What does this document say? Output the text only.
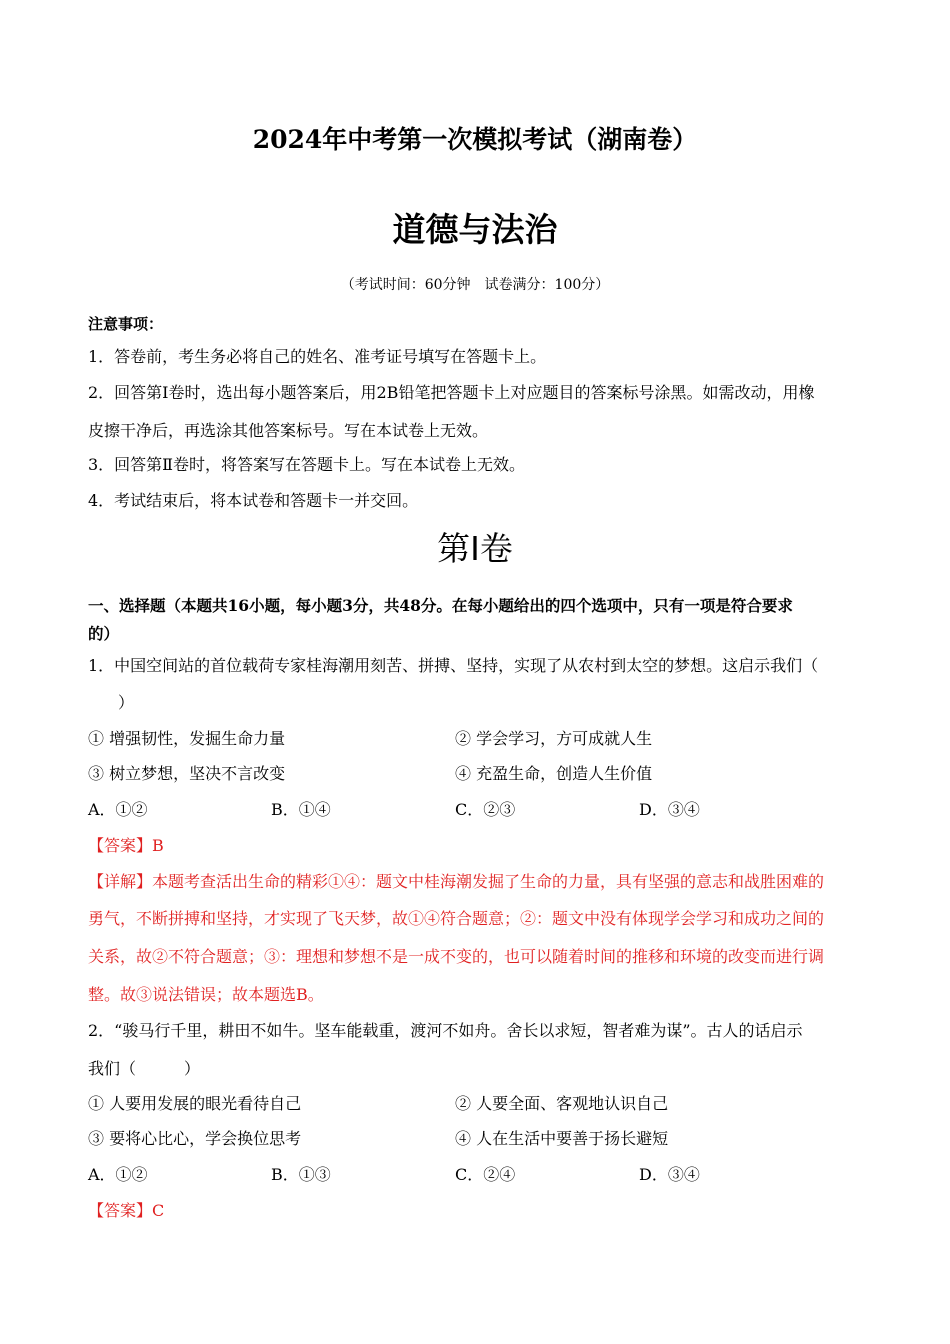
2024年中考第一次模拟考试（湖南卷）
道德与法治
（考试时间：60分钟　试卷满分：100分）
注意事项：
1．答卷前，考生务必将自己的姓名、准考证号填写在答题卡上。
2．回答第Ⅰ卷时，选出每小题答案后，用2B铅笔把答题卡上对应题目的答案标号涂黑。如需改动，用橡
皮擦干净后，再选涂其他答案标号。写在本试卷上无效。
3．回答第Ⅱ卷时，将答案写在答题卡上。写在本试卷上无效。
4．考试结束后，将本试卷和答题卡一并交回。
第Ⅰ卷
一、选择题（本题共16小题，每小题3分，共48分。在每小题给出的四个选项中，只有一项是符合要求
的）
1．中国空间站的首位载荷专家桂海潮用刻苦、拼搏、坚持，实现了从农村到太空的梦想。这启示我们（
）
① 增强韧性，发掘生命力量	② 学会学习，方可成就人生
③ 树立梦想，坚决不言改变	④ 充盈生命，创造人生价值
A．①②	B．①④	C．②③	D．③④
【答案】B
【详解】本题考查活出生命的精彩①④：题文中桂海潮发掘了生命的力量，具有坚强的意志和战胜困难的
勇气，不断拼搏和坚持，才实现了飞天梦，故①④符合题意；②：题文中没有体现学会学习和成功之间的
关系，故②不符合题意；③：理想和梦想不是一成不变的，也可以随着时间的推移和环境的改变而进行调
整。故③说法错误；故本题选B。
2．“骏马行千里，耕田不如牛。坚车能载重，渡河不如舟。舍长以求短，智者难为谋”。古人的话启示
我们（　　　）
① 人要用发展的眼光看待自己	② 人要全面、客观地认识自己
③ 要将心比心，学会换位思考	④ 人在生活中要善于扬长避短
A．①②	B．①③	C．②④	D．③④
【答案】C
